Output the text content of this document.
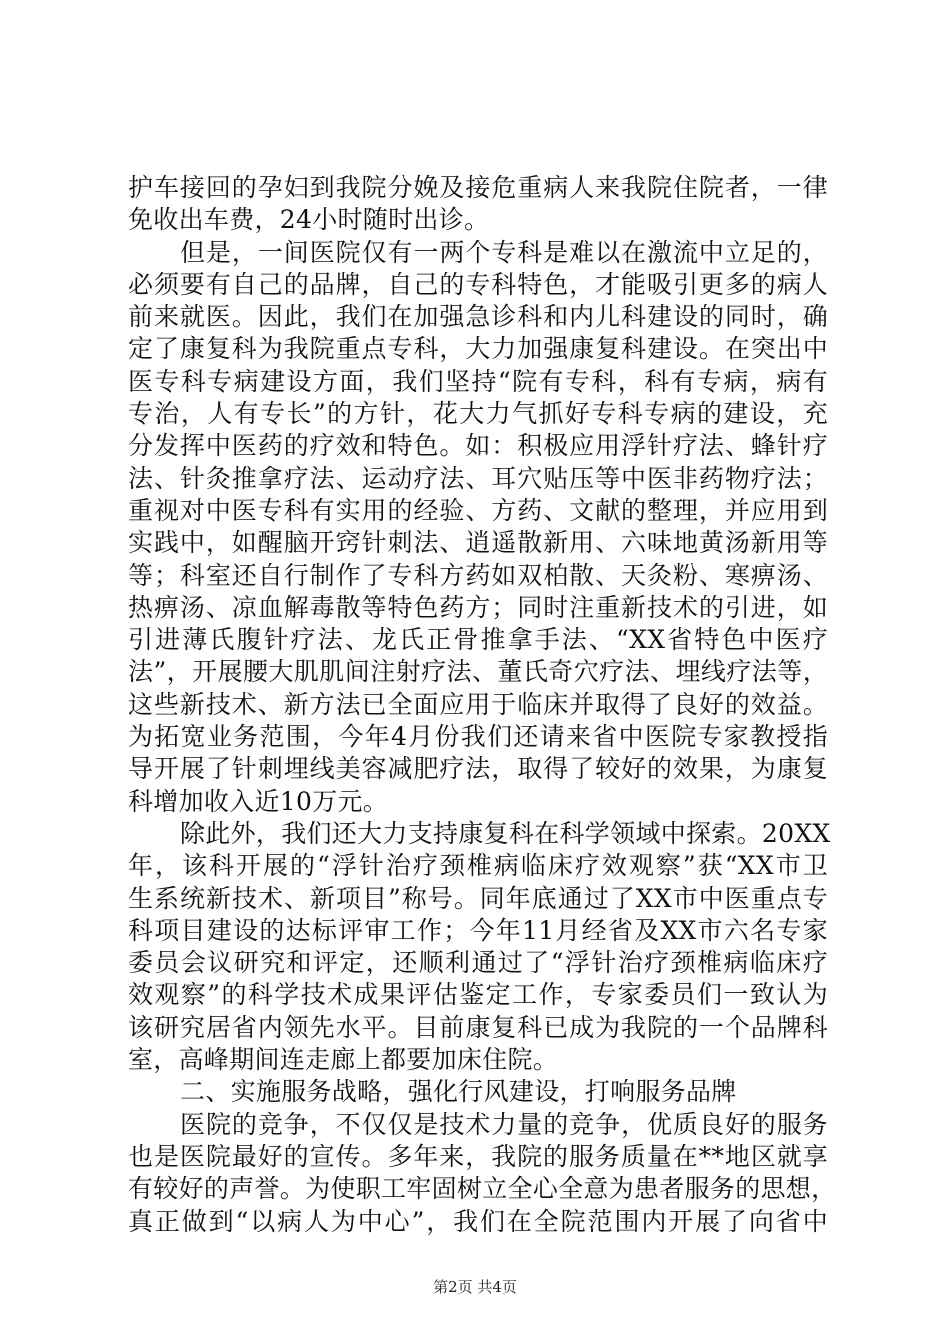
护车接回的孕妇到我院分娩及接危重病人来我院住院者，一律
免收出车费，24小时随时出诊。
但是，一间医院仅有一两个专科是难以在激流中立足的，
必须要有自己的品牌，自己的专科特色，才能吸引更多的病人
前来就医。因此，我们在加强急诊科和内儿科建设的同时，确
定了康复科为我院重点专科，大力加强康复科建设。在突出中
医专科专病建设方面，我们坚持“院有专科，科有专病，病有
专治，人有专长”的方针，花大力气抓好专科专病的建设，充
分发挥中医药的疗效和特色。如：积极应用浮针疗法、蜂针疗
法、针灸推拿疗法、运动疗法、耳穴贴压等中医非药物疗法；
重视对中医专科有实用的经验、方药、文献的整理，并应用到
实践中，如醒脑开窍针刺法、逍遥散新用、六味地黄汤新用等
等；科室还自行制作了专科方药如双柏散、天灸粉、寒痹汤、
热痹汤、凉血解毒散等特色药方；同时注重新技术的引进，如
引进薄氏腹针疗法、龙氏正骨推拿手法、“XX省特色中医疗
法”，开展腰大肌肌间注射疗法、董氏奇穴疗法、埋线疗法等，
这些新技术、新方法已全面应用于临床并取得了良好的效益。
为拓宽业务范围，今年4月份我们还请来省中医院专家教授指
导开展了针刺埋线美容减肥疗法，取得了较好的效果，为康复
科增加收入近10万元。
除此外，我们还大力支持康复科在科学领域中探索。20XX
年，该科开展的“浮针治疗颈椎病临床疗效观察”获“XX市卫
生系统新技术、新项目”称号。同年底通过了XX市中医重点专
科项目建设的达标评审工作；今年11月经省及XX市六名专家
委员会议研究和评定，还顺利通过了“浮针治疗颈椎病临床疗
效观察”的科学技术成果评估鉴定工作，专家委员们一致认为
该研究居省内领先水平。目前康复科已成为我院的一个品牌科
室，高峰期间连走廊上都要加床住院。
二、实施服务战略，强化行风建设，打响服务品牌
医院的竞争，不仅仅是技术力量的竞争，优质良好的服务
也是医院最好的宣传。多年来，我院的服务质量在**地区就享
有较好的声誉。为使职工牢固树立全心全意为患者服务的思想，
真正做到“以病人为中心”，我们在全院范围内开展了向省中
第2页 共4页
